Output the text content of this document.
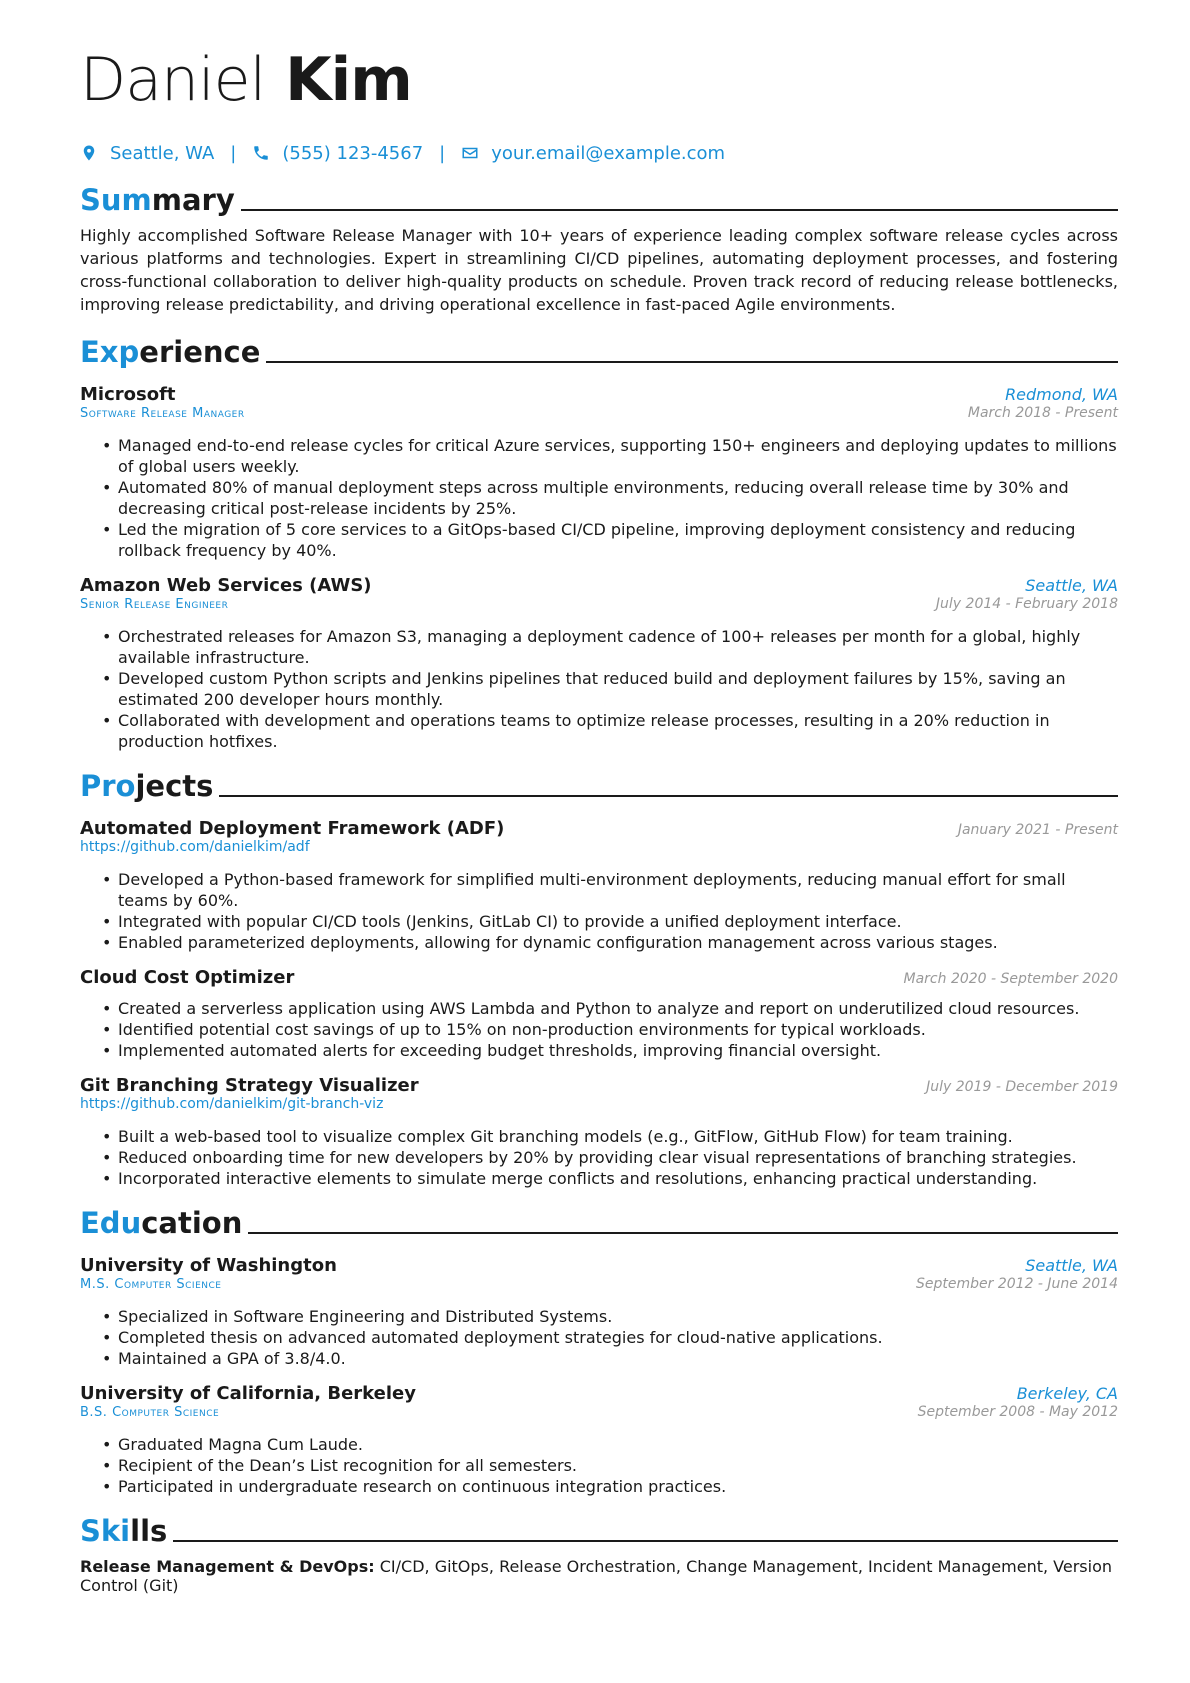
Daniel Kim
Seattle, WA |	(555) 123-4567 |	your.email@example.com
Summary

Highly accomplished Software Release Manager with 10+ years of experience leading complex software release cycles across various platforms and technologies. Expert in streamlining CI/CD pipelines, automating deployment processes, and fostering cross-functional collaboration to deliver high-quality products on schedule. Proven track record of reducing release bottlenecks, improving release predictability, and driving operational excellence in fast-paced Agile environments.

Experience
Microsoft	Redmond, WA
Software Release Manager	March 2018 - Present
• Managed end-to-end release cycles for critical Azure services, supporting 150+ engineers and deploying updates to millions of global users weekly.
• Automated 80% of manual deployment steps across multiple environments, reducing overall release time by 30% and decreasing critical post-release incidents by 25%.
• Led the migration of 5 core services to a GitOps-based CI/CD pipeline, improving deployment consistency and reducing rollback frequency by 40%.
Amazon Web Services (AWS)	Seattle, WA
Senior Release Engineer	July 2014 - February 2018
• Orchestrated releases for Amazon S3, managing a deployment cadence of 100+ releases per month for a global, highly available infrastructure.
• Developed custom Python scripts and Jenkins pipelines that reduced build and deployment failures by 15%, saving an estimated 200 developer hours monthly.
• Collaborated with development and operations teams to optimize release processes, resulting in a 20% reduction in production hotfixes.
Projects
Automated Deployment Framework (ADF)	January 2021 - Present
https://github.com/danielkim/adf
• Developed a Python-based framework for simplified multi-environment deployments, reducing manual effort for small teams by 60%.
• Integrated with popular CI/CD tools (Jenkins, GitLab CI) to provide a unified deployment interface.
• Enabled parameterized deployments, allowing for dynamic configuration management across various stages.
Cloud Cost Optimizer	March 2020 - September 2020
• Created a serverless application using AWS Lambda and Python to analyze and report on underutilized cloud resources.
• Identified potential cost savings of up to 15% on non-production environments for typical workloads.
• Implemented automated alerts for exceeding budget thresholds, improving financial oversight.
Git Branching Strategy Visualizer	July 2019 - December 2019
https://github.com/danielkim/git-branch-viz
• Built a web-based tool to visualize complex Git branching models (e.g., GitFlow, GitHub Flow) for team training.
• Reduced onboarding time for new developers by 20% by providing clear visual representations of branching strategies.
• Incorporated interactive elements to simulate merge conflicts and resolutions, enhancing practical understanding.
Education
University of Washington	Seattle, WA
M.S. Computer Science	September 2012 - June 2014
• Specialized in Software Engineering and Distributed Systems.
• Completed thesis on advanced automated deployment strategies for cloud-native applications.
• Maintained a GPA of 3.8/4.0.
University of California, Berkeley	Berkeley, CA
B.S. Computer Science	September 2008 - May 2012
• Graduated Magna Cum Laude.
• Recipient of the Dean’s List recognition for all semesters.
• Participated in undergraduate research on continuous integration practices.
Skills
Release Management & DevOps: CI/CD, GitOps, Release Orchestration, Change Management, Incident Management, Version Control (Git)
